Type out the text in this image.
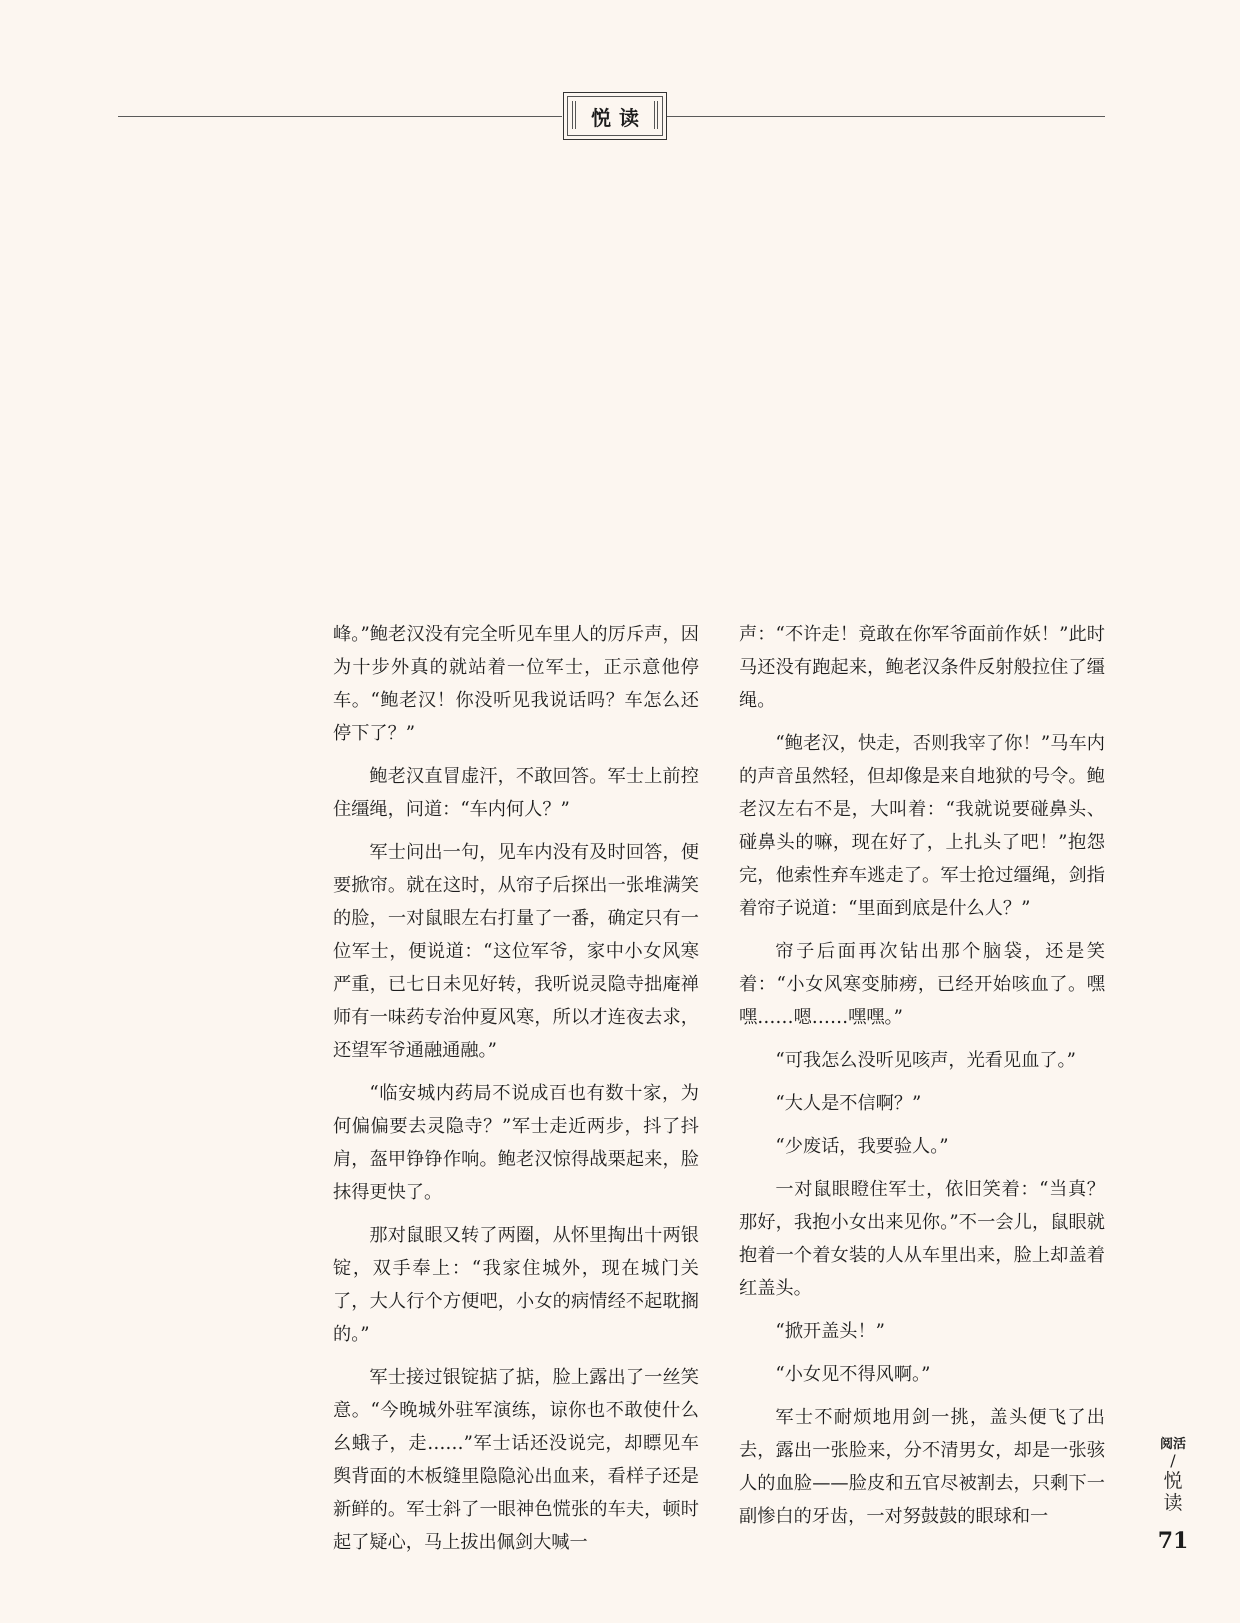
悦读

峰。”鲍老汉没有完全听见车里人的厉斥声，因为十步外真的就站着一位军士，正示意他停车。“鲍老汉！你没听见我说话吗？车怎么还停下了？”

鲍老汉直冒虚汗，不敢回答。军士上前控住缰绳，问道：“车内何人？”

军士问出一句，见车内没有及时回答，便要掀帘。就在这时，从帘子后探出一张堆满笑的脸，一对鼠眼左右打量了一番，确定只有一位军士，便说道：“这位军爷，家中小女风寒严重，已七日未见好转，我听说灵隐寺拙庵禅师有一味药专治仲夏风寒，所以才连夜去求，还望军爷通融通融。”

“临安城内药局不说成百也有数十家，为何偏偏要去灵隐寺？”军士走近两步，抖了抖肩，盔甲铮铮作响。鲍老汉惊得战栗起来，脸抹得更快了。

那对鼠眼又转了两圈，从怀里掏出十两银锭，双手奉上：“我家住城外，现在城门关了，大人行个方便吧，小女的病情经不起耽搁的。”

军士接过银锭掂了掂，脸上露出了一丝笑意。“今晚城外驻军演练，谅你也不敢使什么幺蛾子，走……”军士话还没说完，却瞟见车舆背面的木板缝里隐隐沁出血来，看样子还是新鲜的。军士斜了一眼神色慌张的车夫，顿时起了疑心，马上拔出佩剑大喊一

声：“不许走！竟敢在你军爷面前作妖！”此时马还没有跑起来，鲍老汉条件反射般拉住了缰绳。

“鲍老汉，快走，否则我宰了你！”马车内的声音虽然轻，但却像是来自地狱的号令。鲍老汉左右不是，大叫着：“我就说要碰鼻头、碰鼻头的嘛，现在好了，上扎头了吧！”抱怨完，他索性弃车逃走了。军士抢过缰绳，剑指着帘子说道：“里面到底是什么人？”

帘子后面再次钻出那个脑袋，还是笑着：“小女风寒变肺痨，已经开始咳血了。嘿嘿……嗯……嘿嘿。”

“可我怎么没听见咳声，光看见血了。”

“大人是不信啊？”

“少废话，我要验人。”

一对鼠眼瞪住军士，依旧笑着：“当真？那好，我抱小女出来见你。”不一会儿，鼠眼就抱着一个着女装的人从车里出来，脸上却盖着红盖头。

“掀开盖头！”

“小女见不得风啊。”

军士不耐烦地用剑一挑，盖头便飞了出去，露出一张脸来，分不清男女，却是一张骇人的血脸——脸皮和五官尽被割去，只剩下一副惨白的牙齿，一对努鼓鼓的眼球和一

阅活
/
悦读
71
